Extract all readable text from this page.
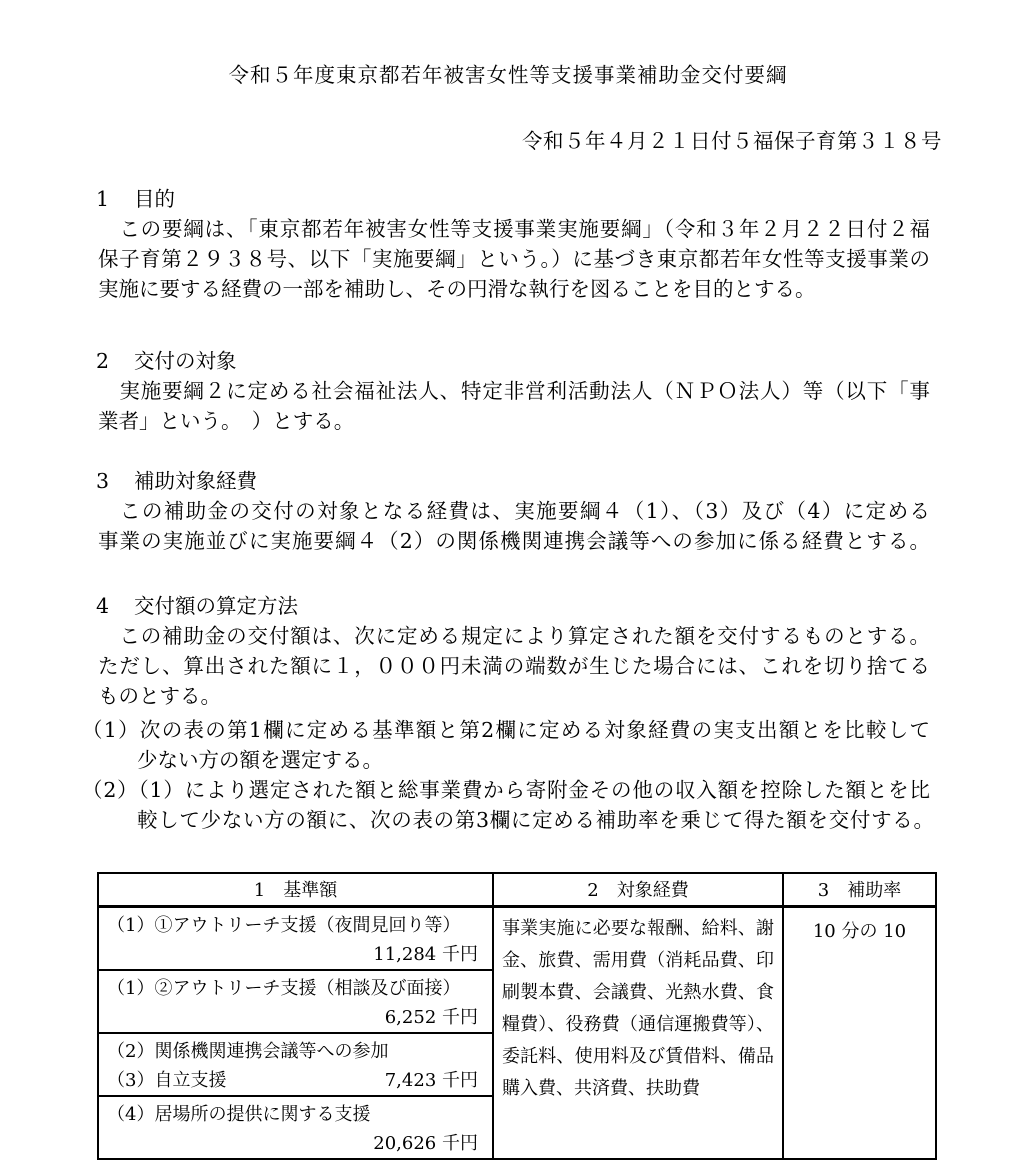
令和５年度東京都若年被害女性等支援事業補助金交付要綱
令和５年４月２１日付５福保子育第３１８号
1 目的
　この要綱は、「東京都若年被害女性等支援事業実施要綱」（令和３年２月２２日付２福
保子育第２９３８号、以下「実施要綱」という。）に基づき東京都若年女性等支援事業の
実施に要する経費の一部を補助し、その円滑な執行を図ることを目的とする。
2 交付の対象
　実施要綱２に定める社会福祉法人、特定非営利活動法人（ＮＰＯ法人）等（以下「事
業者」という。　）とする。
3 補助対象経費
　この補助金の交付の対象となる経費は、実施要綱４（1）、（3）及び（4）に定める
事業の実施並びに実施要綱４（2）の関係機関連携会議等への参加に係る経費とする。
4 交付額の算定方法
　この補助金の交付額は、次に定める規定により算定された額を交付するものとする。
ただし、算出された額に１，０００円未満の端数が生じた場合には、これを切り捨てる
ものとする。
（1）次の表の第1欄に定める基準額と第2欄に定める対象経費の実支出額とを比較して
少ない方の額を選定する。
（2）（1）により選定された額と総事業費から寄附金その他の収入額を控除した額とを比
較して少ない方の額に、次の表の第3欄に定める補助率を乗じて得た額を交付する。
1　基準額	2　対象経費	3　補助率

（1）①アウトリーチ支援（夜間見回り等）
11,284 千円	事業実施に必要な報酬、給料、謝金、旅費、需用費（消耗品費、印刷製本費、会議費、光熱水費、食糧費）、役務費（通信運搬費等）、委託料、使用料及び賃借料、備品購入費、共済費、扶助費	10 分の 10

（1）②アウトリーチ支援（相談及び面接）
6,252 千円		

（2）関係機関連携会議等への参加
（3）自立支援 7,423 千円		

（4）居場所の提供に関する支援
20,626 千円		
